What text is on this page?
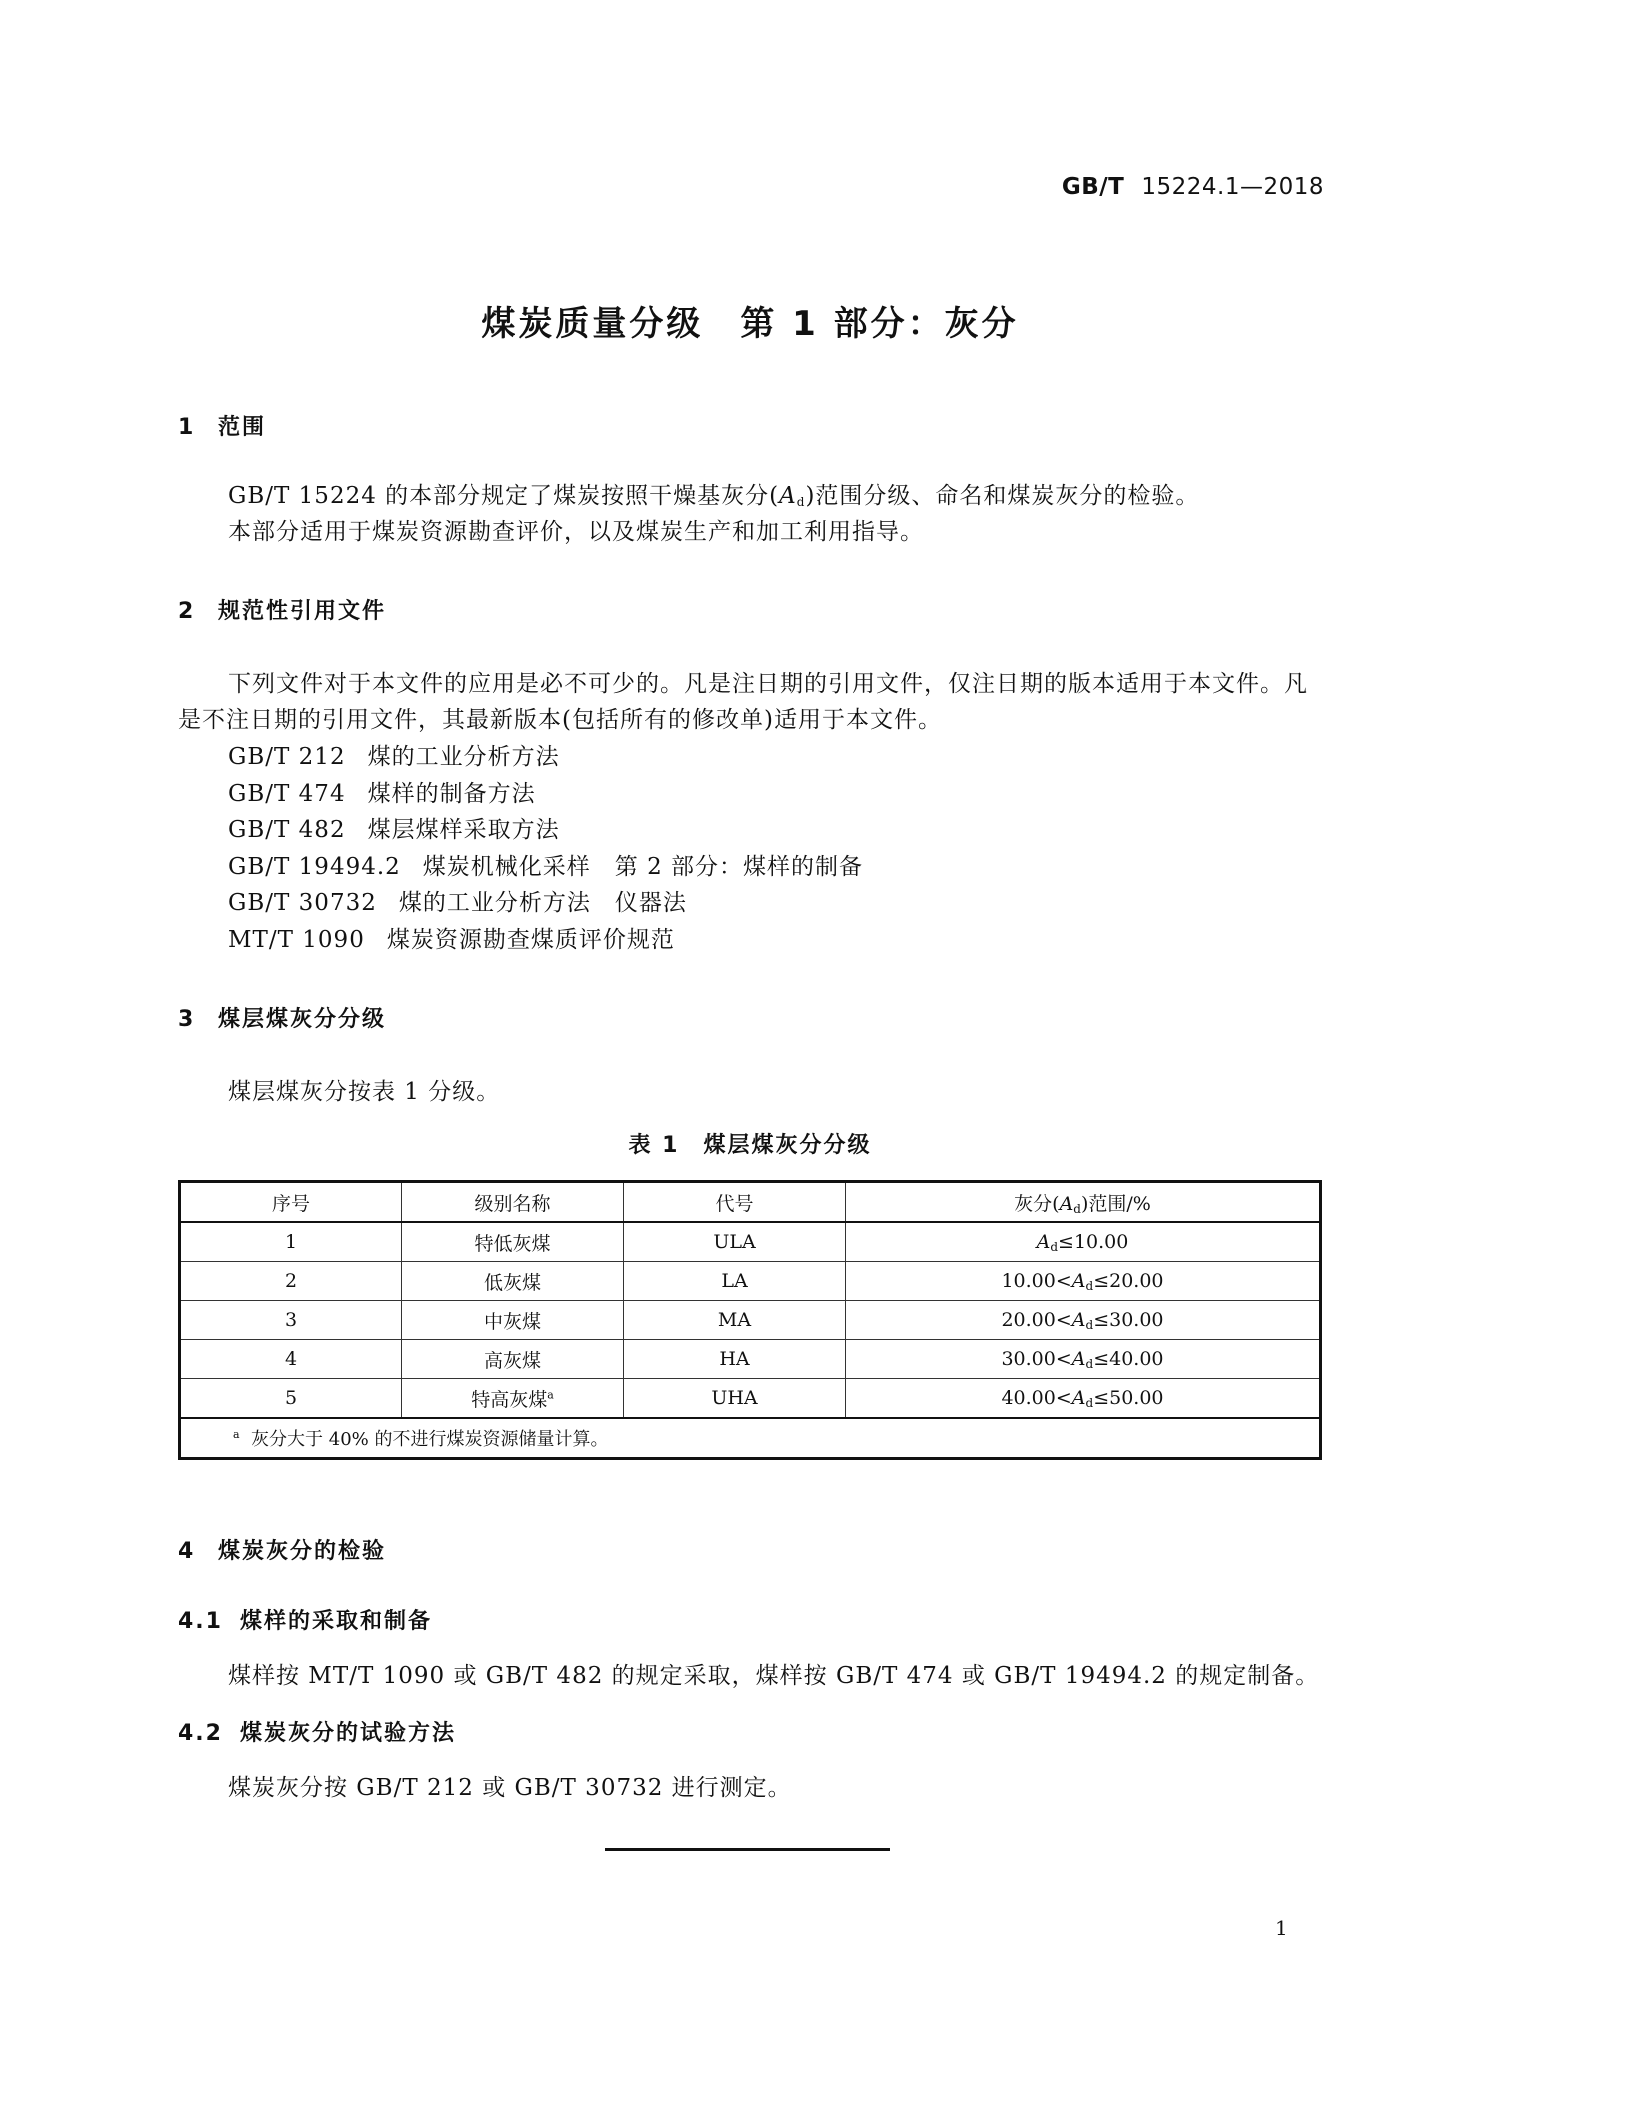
GB/T 15224.1—2018
煤炭质量分级　第 1 部分：灰分
1 范围
GB/T 15224 的本部分规定了煤炭按照干燥基灰分$(A_d)$范围分级、命名和煤炭灰分的检验。
本部分适用于煤炭资源勘查评价，以及煤炭生产和加工利用指导。
2 规范性引用文件
下列文件对于本文件的应用是必不可少的。凡是注日期的引用文件，仅注日期的版本适用于本文件。凡是不注日期的引用文件，其最新版本(包括所有的修改单)适用于本文件。
GB/T 212 煤的工业分析方法
GB/T 474 煤样的制备方法
GB/T 482 煤层煤样采取方法
GB/T 19494.2 煤炭机械化采样　第 2 部分：煤样的制备
GB/T 30732 煤的工业分析方法　仪器法
MT/T 1090 煤炭资源勘查煤质评价规范
3 煤层煤灰分分级
煤层煤灰分按表 1 分级。
表 1　煤层煤灰分分级
序号	级别名称	代号	灰分$(A_d)$范围/%
1	特低灰煤	ULA	$A_d\le 10.00$
2	低灰煤	LA	$10.00<A_d\le 20.00$
3	中灰煤	MA	$20.00<A_d\le 30.00$
4	高灰煤	HA	$30.00<A_d\le 40.00$
5	特高灰煤$^a$	UHA	$40.00<A_d\le 50.00$
$^a$ 灰分大于 40% 的不进行煤炭资源储量计算。			
4 煤炭灰分的检验
4.1 煤样的采取和制备
煤样按 MT/T 1090 或 GB/T 482 的规定采取，煤样按 GB/T 474 或 GB/T 19494.2 的规定制备。
4.2 煤炭灰分的试验方法
煤炭灰分按 GB/T 212 或 GB/T 30732 进行测定。
1
